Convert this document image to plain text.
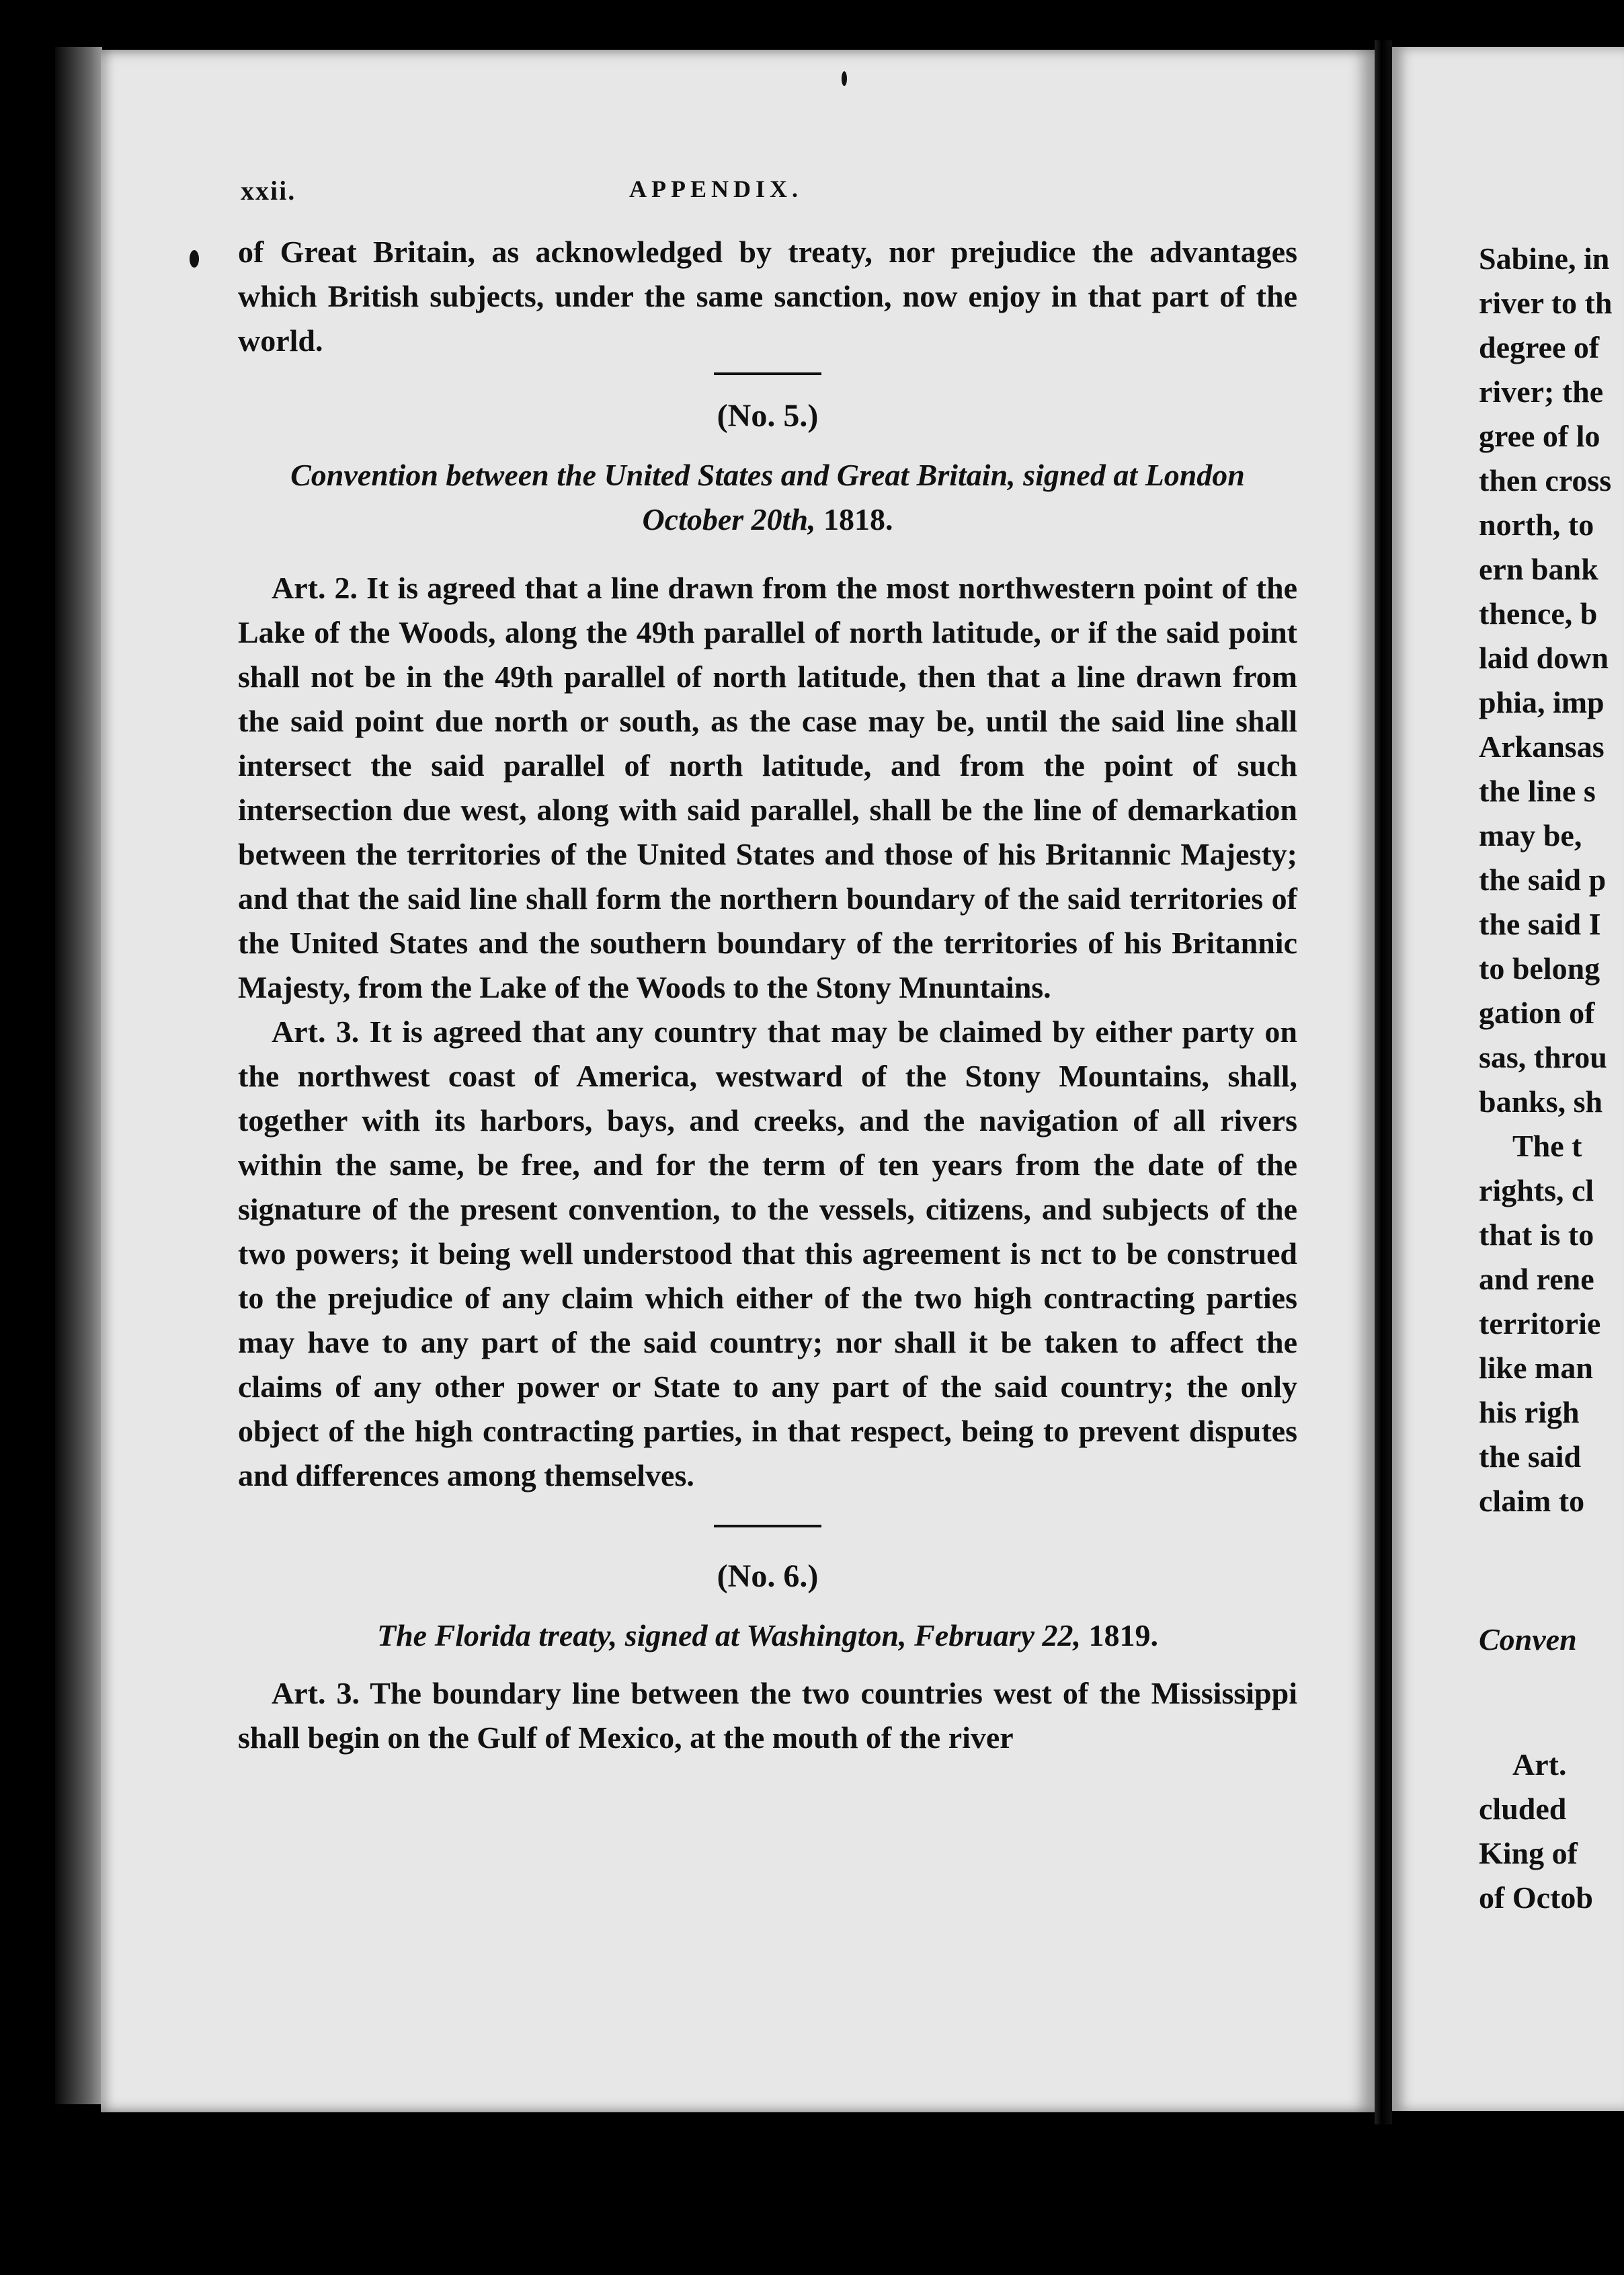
xxii.	APPENDIX.

of Great Britain, as acknowledged by treaty, nor prejudice the advantages which British subjects, under the same sanction, now enjoy in that part of the world.

(No. 5.)
Convention between the United States and Great Britain, signed at London October 20th, 1818.

Art. 2. It is agreed that a line drawn from the most northwestern point of the Lake of the Woods, along the 49th parallel of north latitude, or if the said point shall not be in the 49th parallel of north latitude, then that a line drawn from the said point due north or south, as the case may be, until the said line shall intersect the said parallel of north latitude, and from the point of such intersection due west, along with said parallel, shall be the line of demarkation between the territories of the United States and those of his Britannic Majesty; and that the said line shall form the northern boundary of the said territories of the United States and the southern boundary of the territories of his Britannic Majesty, from the Lake of the Woods to the Stony Mnuntains.

Art. 3. It is agreed that any country that may be claimed by either party on the northwest coast of America, westward of the Stony Mountains, shall, together with its harbors, bays, and creeks, and the navigation of all rivers within the same, be free, and for the term of ten years from the date of the signature of the present convention, to the vessels, citizens, and subjects of the two powers; it being well understood that this agreement is nct to be construed to the prejudice of any claim which either of the two high contracting parties may have to any part of the said country; nor shall it be taken to affect the claims of any other power or State to any part of the said country; the only object of the high contracting parties, in that respect, being to prevent disputes and differences among themselves.

(No. 6.)
The Florida treaty, signed at Washington, February 22, 1819.

Art. 3. The boundary line between the two countries west of the Mississippi shall begin on the Gulf of Mexico, at the mouth of the river

Sabine, in
river to th
degree of
river; the
gree of lo
then cross
north, to
ern bank
thence, b
laid down
phia, imp
Arkansas
the line s
may be,
the said p
the said I
to belong
gation of
sas, throu
banks, sh
The t
rights, cl
that is to
and rene
territorie
like man
his righ
the said
claim to
Conven
Art.
cluded
King of
of Octob
